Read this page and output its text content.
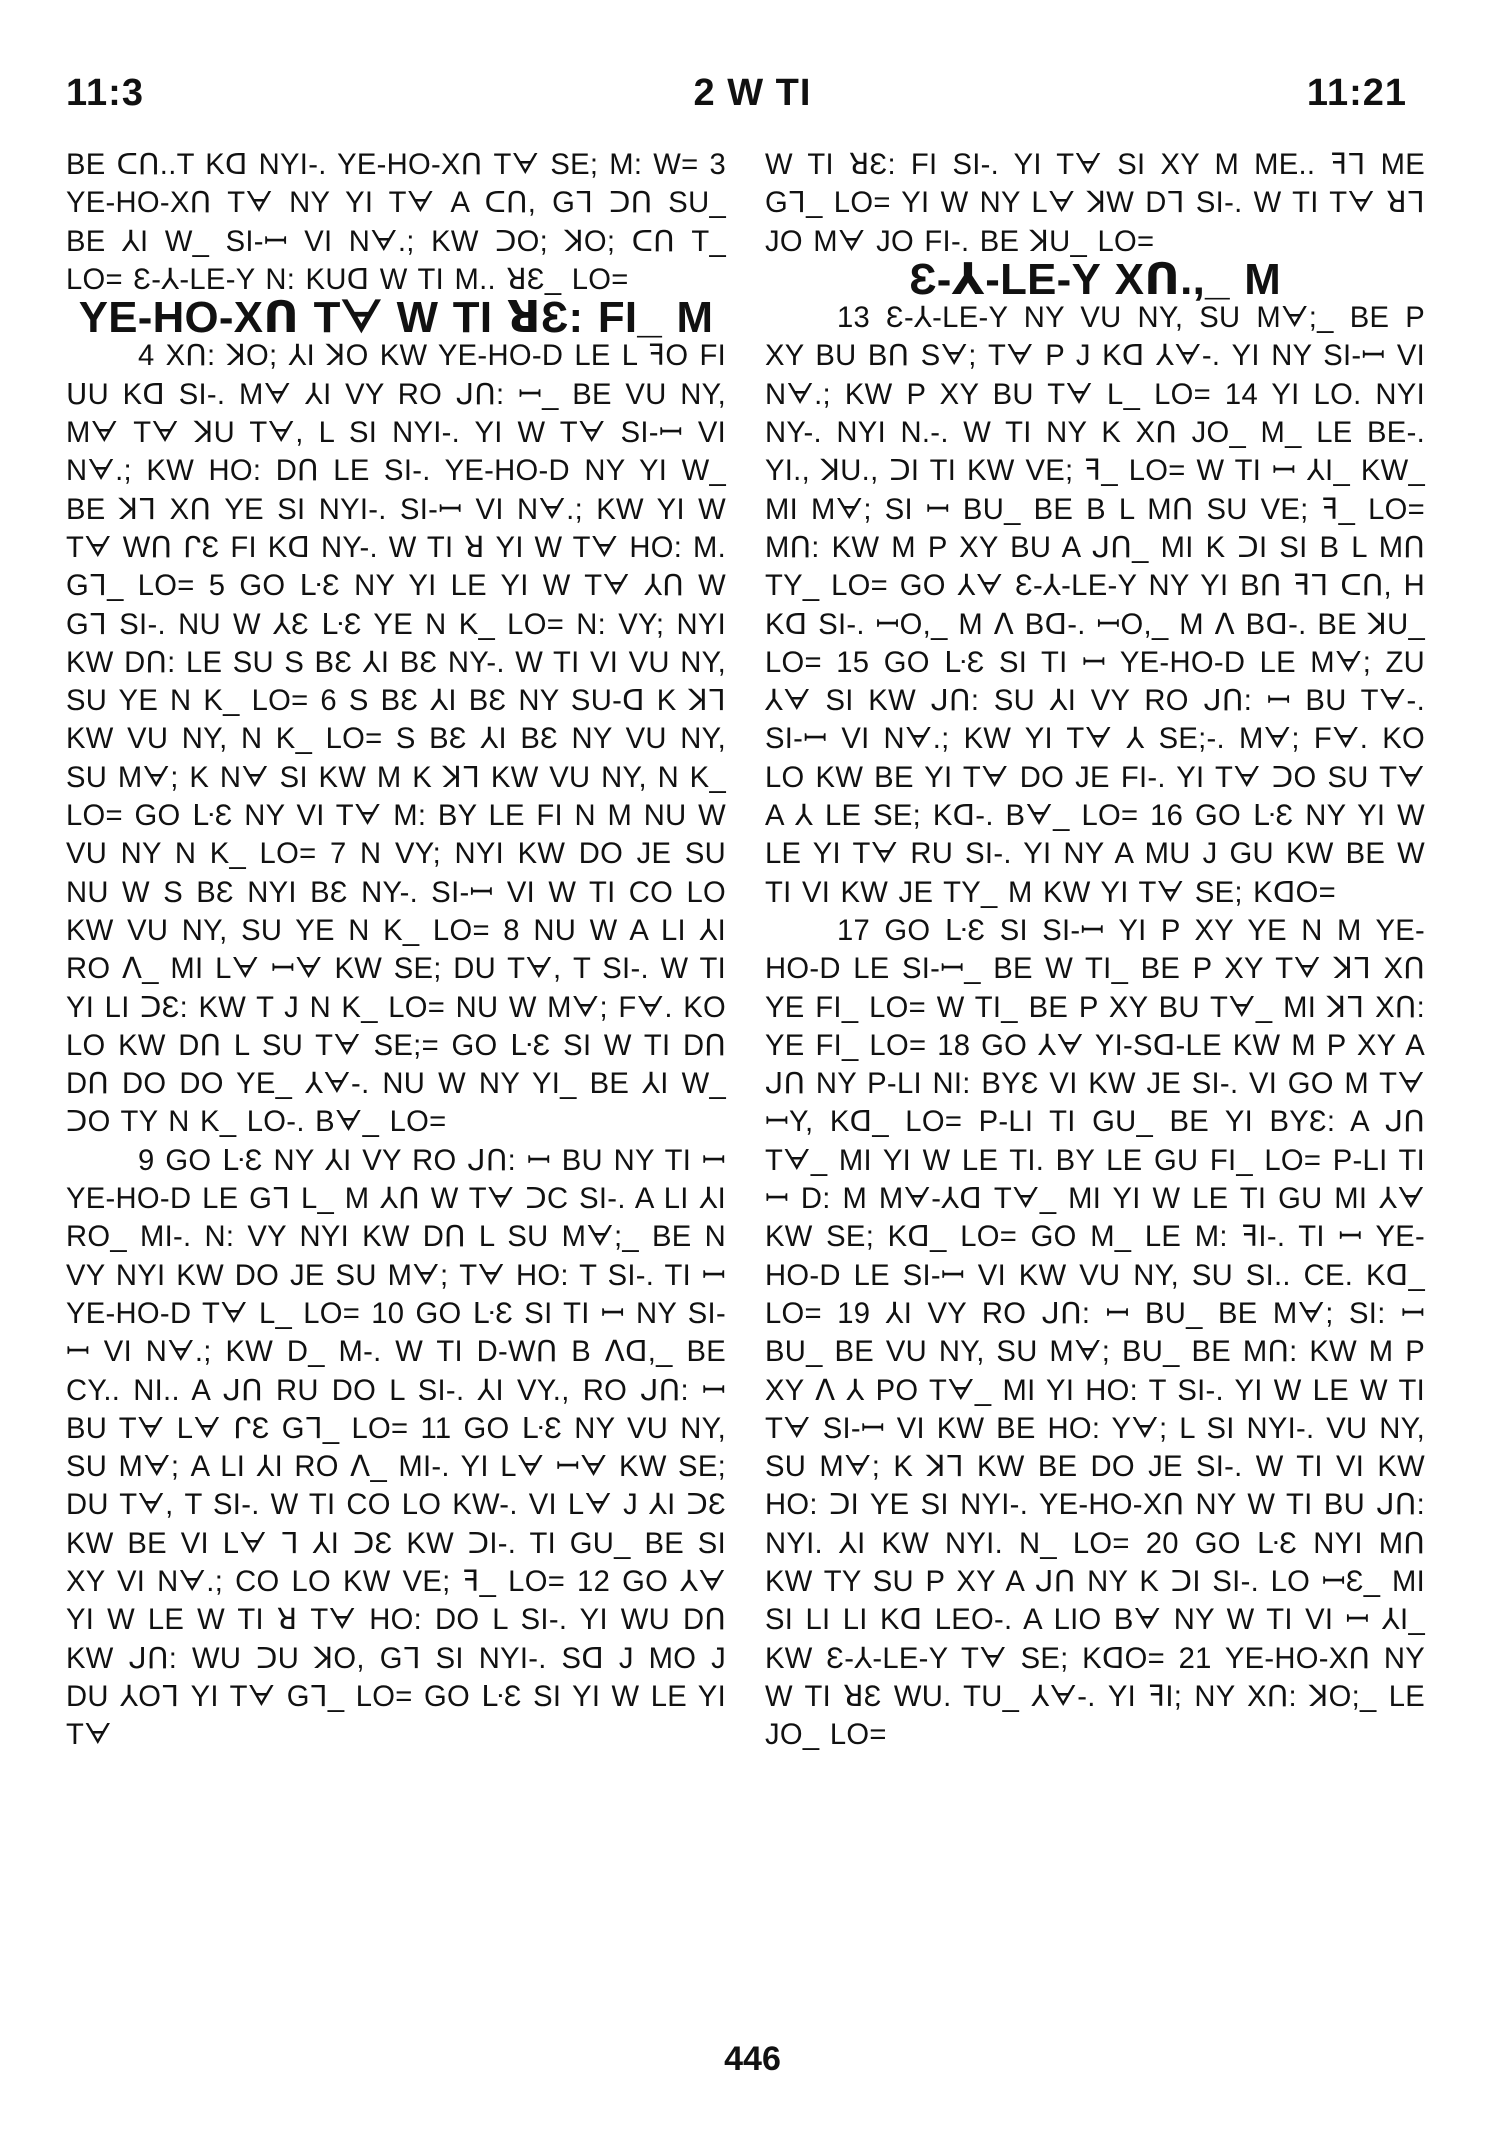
11:3	2 W TI	11:21

BE ᑕᑎ..T Kᗡ NYI-. YE-HO-Xᑎ Tᗄ SE; M: W= 3 YE-HO-Xᑎ Tᗄ NY YI Tᗄ A ᑕᑎ, Gᒣ ᑐᑎ SU_ BE ⅄I W_ SI-ꟷ VI Nᗄ.; KW ᑐO; ꓘO; ᑕᑎ T_ LO= Ɛ-⅄-LE-Y N: KUᗡ W TI M.. ꓤƐ_ LO=

YE-HO-Xᑎ Tᗄ W TI ꓤƐ: FI_ M

4 Xᑎ: ꓘO; ⅄I ꓘO KW YE-HO-D LE L ꟻO FI ᑌU Kᗡ SI-. Mᗄ ⅄I VY RO ᒍᑎ: ꟷ_ BE VU NY, Mᗄ Tᗄ ꓘU Tᗄ, L SI NYI-. YI W Tᗄ SI-ꟷ VI Nᗄ.; KW HO: Dᑎ LE SI-. YE-HO-D NY YI W_ BE ꓘᒣ Xᑎ YE SI NYI-. SI-ꟷ VI Nᗄ.; KW YI W Tᗄ Wᑎ ᒋƐ FI Kᗡ NY-. W TI ꓤ YI W Tᗄ HO: M. Gᒣ_ LO= 5 GO ᒷƐ NY YI LE YI W Tᗄ ⅄ᑎ W Gᒣ SI-. NU W ⅄Ɛ ᒷƐ YE N K_ LO= N: VY; NYI KW Dᑎ: LE SU S BƐ ⅄I BƐ NY-. W TI VI VU NY, SU YE N K_ LO= 6 S BƐ ⅄I BƐ NY SU-ᗡ K ꓘᒣ KW VU NY, N K_ LO= S BƐ ⅄I BƐ NY VU NY, SU Mᗄ; K Nᗄ SI KW M K ꓘᒣ KW VU NY, N K_ LO= GO ᒷƐ NY VI Tᗄ M: BY LE FI N M NU W VU NY N K_ LO= 7 N VY; NYI KW DO JE SU NU W S BƐ NYI BƐ NY-. SI-ꟷ VI W TI CO LO KW VU NY, SU YE N K_ LO= 8 NU W A LI ⅄I RO ꓥ_ MI Lᗄ ꟷᗄ KW SE; DU Tᗄ, T SI-. W TI YI LI ᑐƐ: KW T J N K_ LO= NU W Mᗄ; Fᗄ. KO LO KW Dᑎ L SU Tᗄ SE;= GO ᒷƐ SI W TI Dᑎ Dᑎ DO DO YE_ ⅄ᗄ-. NU W NY YI_ BE ⅄I W_ ᑐO TY N K_ LO-. Bᗄ_ LO=

9 GO ᒷƐ NY ⅄I VY RO ᒍᑎ: ꟷ BU NY TI ꟷ YE-HO-D LE Gᒣ L_ M ⅄ᑎ W Tᗄ ᑐC SI-. A LI ⅄I RO_ MI-. N: VY NYI KW Dᑎ L SU Mᗄ;_ BE N VY NYI KW DO JE SU Mᗄ; Tᗄ HO: T SI-. TI ꟷ YE-HO-D Tᗄ L_ LO= 10 GO ᒷƐ SI TI ꟷ NY SI-ꟷ VI Nᗄ.; KW D_ M-. W TI D-Wᑎ B ꓥᗡ,_ BE CY.. NI.. A ᒍᑎ RU DO L SI-. ⅄I VY., RO ᒍᑎ: ꟷ BU Tᗄ Lᗄ ᒋƐ Gᒣ_ LO= 11 GO ᒷƐ NY VU NY, SU Mᗄ; A LI ⅄I RO ꓥ_ MI-. YI Lᗄ ꟷᗄ KW SE; DU Tᗄ, T SI-. W TI CO LO KW-. VI Lᗄ J ⅄I ᑐƐ KW BE VI Lᗄ ᒣ ⅄I ᑐƐ KW ᑐI-. TI GU_ BE SI XY VI Nᗄ.; CO LO KW VE; ꟻ_ LO= 12 GO ⅄ᗄ YI W LE W TI ꓤ Tᗄ HO: DO L SI-. YI WU Dᑎ KW ᒍᑎ: WU ᑐU ꓘO, Gᒣ SI NYI-. Sᗡ J MO J DU ⅄Oᒣ YI Tᗄ Gᒣ_ LO= GO ᒷƐ SI YI W LE YI Tᗄ

W TI ꓤƐ: FI SI-. YI Tᗄ SI XY M ME.. ꟻᒣ ME Gᒣ_ LO= YI W NY Lᗄ ꓘW Dᒣ SI-. W TI Tᗄ ꓤᒣ JO Mᗄ JO FI-. BE ꓘU_ LO=

Ɛ-⅄-LE-Y Xᑎ.,_ M

13 Ɛ-⅄-LE-Y NY VU NY, SU Mᗄ;_ BE P XY BU Bᑎ Sᗄ; Tᗄ P J Kᗡ ⅄ᗄ-. YI NY SI-ꟷ VI Nᗄ.; KW P XY BU Tᗄ L_ LO= 14 YI LO. NYI NY-. NYI N.-. W TI NY K Xᑎ JO_ M_ LE BE-. YI., ꓘU., ᑐI TI KW VE; ꟻ_ LO= W TI ꟷ ⅄I_ KW_ MI Mᗄ; SI ꟷ BU_ BE B L Mᑎ SU VE; ꟻ_ LO= Mᑎ: KW M P XY BU A ᒍᑎ_ MI K ᑐI SI B L Mᑎ TY_ LO= GO ⅄ᗄ Ɛ-⅄-LE-Y NY YI Bᑎ ꟻᒣ ᑕᑎ, H Kᗡ SI-. ꟷO,_ M ꓥ Bᗡ-. ꟷO,_ M ꓥ Bᗡ-. BE ꓘU_ LO= 15 GO ᒷƐ SI TI ꟷ YE-HO-D LE Mᗄ; ZU ⅄ᗄ SI KW ᒍᑎ: SU ⅄I VY RO ᒍᑎ: ꟷ BU Tᗄ-. SI-ꟷ VI Nᗄ.; KW YI Tᗄ ⅄ SE;-. Mᗄ; Fᗄ. KO LO KW BE YI Tᗄ DO JE FI-. YI Tᗄ ᑐO SU Tᗄ A ⅄ LE SE; Kᗡ-. Bᗄ_ LO= 16 GO ᒷƐ NY YI W LE YI Tᗄ RU SI-. YI NY A MU J GU KW BE W TI VI KW JE TY_ M KW YI Tᗄ SE; KᗡO=

17 GO ᒷƐ SI SI-ꟷ YI P XY YE N M YE-HO-D LE SI-ꟷ_ BE W TI_ BE P XY Tᗄ ꓘᒣ Xᑎ YE FI_ LO= W TI_ BE P XY BU Tᗄ_ MI ꓘᒣ Xᑎ: YE FI_ LO= 18 GO ⅄ᗄ YI-Sᗡ-LE KW M P XY A ᒍᑎ NY P-LI NI: BYƐ VI KW JE SI-. VI GO M Tᗄ ꟷY, Kᗡ_ LO= P-LI TI GU_ BE YI BYƐ: A ᒍᑎ Tᗄ_ MI YI W LE TI. BY LE GU FI_ LO= P-LI TI ꟷ D: M Mᗄ-⅄ᗡ Tᗄ_ MI YI W LE TI GU MI ⅄ᗄ KW SE; Kᗡ_ LO= GO M_ LE M: ꟻI-. TI ꟷ YE-HO-D LE SI-ꟷ VI KW VU NY, SU SI.. CE. Kᗡ_ LO= 19 ⅄I VY RO ᒍᑎ: ꟷ BU_ BE Mᗄ; SI: ꟷ BU_ BE VU NY, SU Mᗄ; BU_ BE Mᑎ: KW M P XY ꓥ ⅄ PO Tᗄ_ MI YI HO: T SI-. YI W LE W TI Tᗄ SI-ꟷ VI KW BE HO: Yᗄ; L SI NYI-. VU NY, SU Mᗄ; K ꓘᒣ KW BE DO JE SI-. W TI VI KW HO: ᑐI YE SI NYI-. YE-HO-Xᑎ NY W TI BU ᒍᑎ: NYI. ⅄I KW NYI. N_ LO= 20 GO ᒷƐ NYI Mᑎ KW TY SU P XY A ᒍᑎ NY K ᑐI SI-. LO ꟷƐ_ MI SI LI LI Kᗡ LEO-. A LIO Bᗄ NY W TI VI ꟷ ⅄I_ KW Ɛ-⅄-LE-Y Tᗄ SE; KᗡO= 21 YE-HO-Xᑎ NY W TI ꓤƐ WU. TU_ ⅄ᗄ-. YI ꟻI; NY Xᑎ: ꓘO;_ LE JO_ LO=

446
